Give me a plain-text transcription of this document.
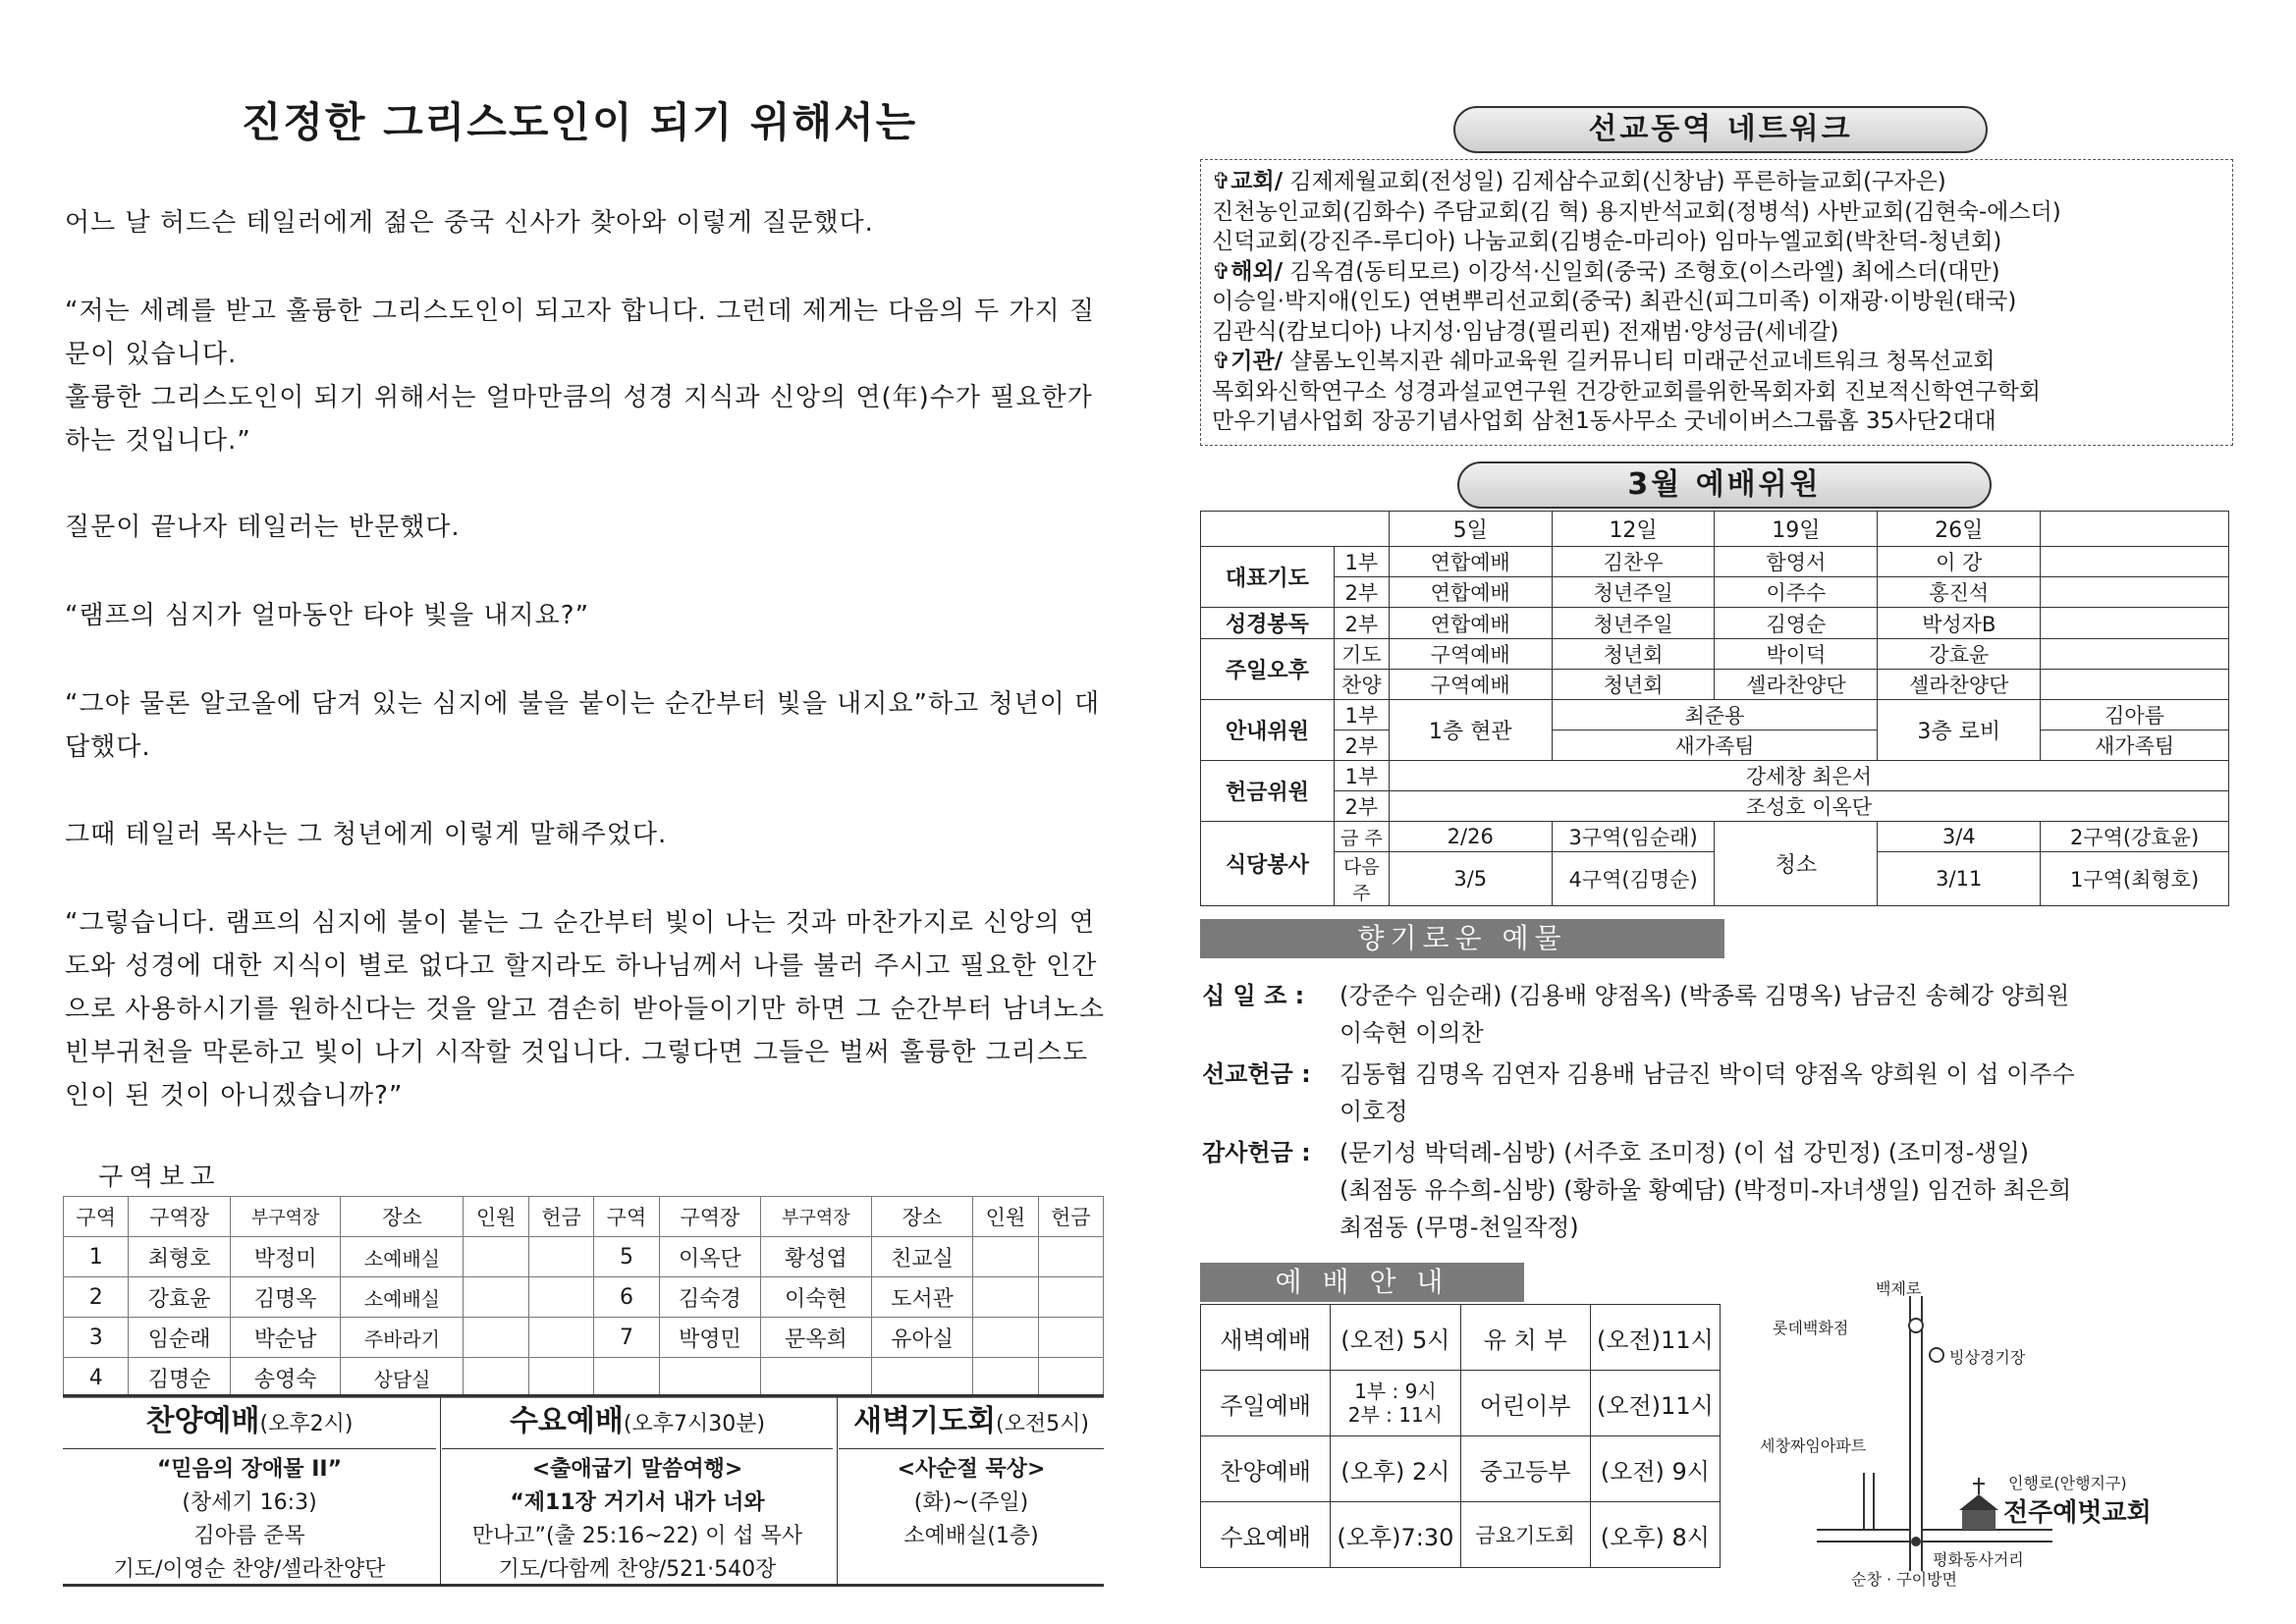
진정한 그리스도인이 되기 위해서는

어느 날 허드슨 테일러에게 젊은 중국 신사가 찾아와 이렇게 질문했다.

“저는 세례를 받고 훌륭한 그리스도인이 되고자 합니다. 그런데 제게는 다음의 두 가지 질문이 있습니다.

훌륭한 그리스도인이 되기 위해서는 얼마만큼의 성경 지식과 신앙의 연(年)수가 필요한가 하는 것입니다.”

질문이 끝나자 테일러는 반문했다.

“램프의 심지가 얼마동안 타야 빛을 내지요?”

“그야 물론 알코올에 담겨 있는 심지에 불을 붙이는 순간부터 빛을 내지요”하고 청년이 대답했다.

그때 테일러 목사는 그 청년에게 이렇게 말해주었다.

“그렇습니다. 램프의 심지에 불이 붙는 그 순간부터 빛이 나는 것과 마찬가지로 신앙의 연도와 성경에 대한 지식이 별로 없다고 할지라도 하나님께서 나를 불러 주시고 필요한 인간으로 사용하시기를 원하신다는 것을 알고 겸손히 받아들이기만 하면 그 순간부터 남녀노소 빈부귀천을 막론하고 빛이 나기 시작할 것입니다. 그렇다면 그들은 벌써 훌륭한 그리스도인이 된 것이 아니겠습니까?”

구역보고
구역	구역장	부구역장	장소	인원	헌금	구역	구역장	부구역장	장소	인원	헌금
1	최형호	박정미	소예배실			5	이옥단	황성엽	친교실		
2	강효윤	김명옥	소예배실			6	김숙경	이숙현	도서관		
3	임순래	박순남	주바라기			7	박영민	문옥희	유아실		
4	김명순	송영숙	상담실								
찬양예배(오후2시)
“믿음의 장애물 II”
(창세기 16:3)
김아름 준목
기도/이영순 찬양/셀라찬양단
수요예배(오후7시30분)
<출애굽기 말씀여행>
“제11장 거기서 내가 너와
만나고”(출 25:16~22) 이 섭 목사
기도/다함께 찬양/521·540장
새벽기도회(오전5시)
<사순절 묵상>
(화)~(주일)
소예배실(1층)
선교동역 네트워크
✞교회/ 김제제월교회(전성일) 김제삼수교회(신창남) 푸른하늘교회(구자은)
진천농인교회(김화수) 주담교회(김 혁) 용지반석교회(정병석) 사반교회(김현숙-에스더)
신덕교회(강진주-루디아) 나눔교회(김병순-마리아) 임마누엘교회(박찬덕-청년회)
✞해외/ 김옥겸(동티모르) 이강석·신일회(중국) 조형호(이스라엘) 최에스더(대만)
이승일·박지애(인도) 연변뿌리선교회(중국) 최관신(피그미족) 이재광·이방원(태국)
김관식(캄보디아) 나지성·임남경(필리핀) 전재범·양성금(세네갈)
✞기관/ 샬롬노인복지관 쉐마교육원 길커뮤니티 미래군선교네트워크 청목선교회
목회와신학연구소 성경과설교연구원 건강한교회를위한목회자회 진보적신학연구학회
만우기념사업회 장공기념사업회 삼천1동사무소 굿네이버스그룹홈 35사단2대대
3월 예배위원
		5일	12일	19일	26일	
대표기도	1부	연합예배	김찬우	함영서	이 강	
	2부	연합예배	청년주일	이주수	홍진석	
성경봉독	2부	연합예배	청년주일	김영순	박성자B	
주일오후	기도	구역예배	청년회	박이덕	강효윤	
	찬양	구역예배	청년회	셀라찬양단	셀라찬양단	
안내위원	1부	1층 현관	최준용		3층 로비	김아름
	2부		새가족팀			새가족팀
헌금위원	1부	강세창 최은서				
	2부	조성호 이옥단				
식당봉사	금 주	2/26	3구역(임순래)	청소	3/4	2구역(강효윤)
	다음주	3/5	4구역(김명순)		3/11	1구역(최형호)
향기로운 예물
십 일 조 : (강준수 임순래) (김용배 양점옥) (박종록 김명옥) 남금진 송혜강 양희원
이숙현 이의찬
선교헌금 : 김동협 김명옥 김연자 김용배 남금진 박이덕 양점옥 양희원 이 섭 이주수
이호정
감사헌금 : (문기성 박덕례-심방) (서주호 조미정) (이 섭 강민정) (조미정-생일)
(최점동 유수희-심방) (황하울 황예담) (박정미-자녀생일) 임건하 최은희
최점동 (무명-천일작정)
예 배 안 내
새벽예배	(오전) 5시	유 치 부	(오전)11시
주일예배	1부 : 9시
2부 : 11시	어린이부	(오전)11시
찬양예배	(오후) 2시	중고등부	(오전) 9시
수요예배	(오후)7:30	금요기도회	(오후) 8시
백제로
롯데백화점
빙상경기장
세창짜임아파트
인행로(안행지구)
전주예벗교회
평화동사거리
순창 · 구이방면
